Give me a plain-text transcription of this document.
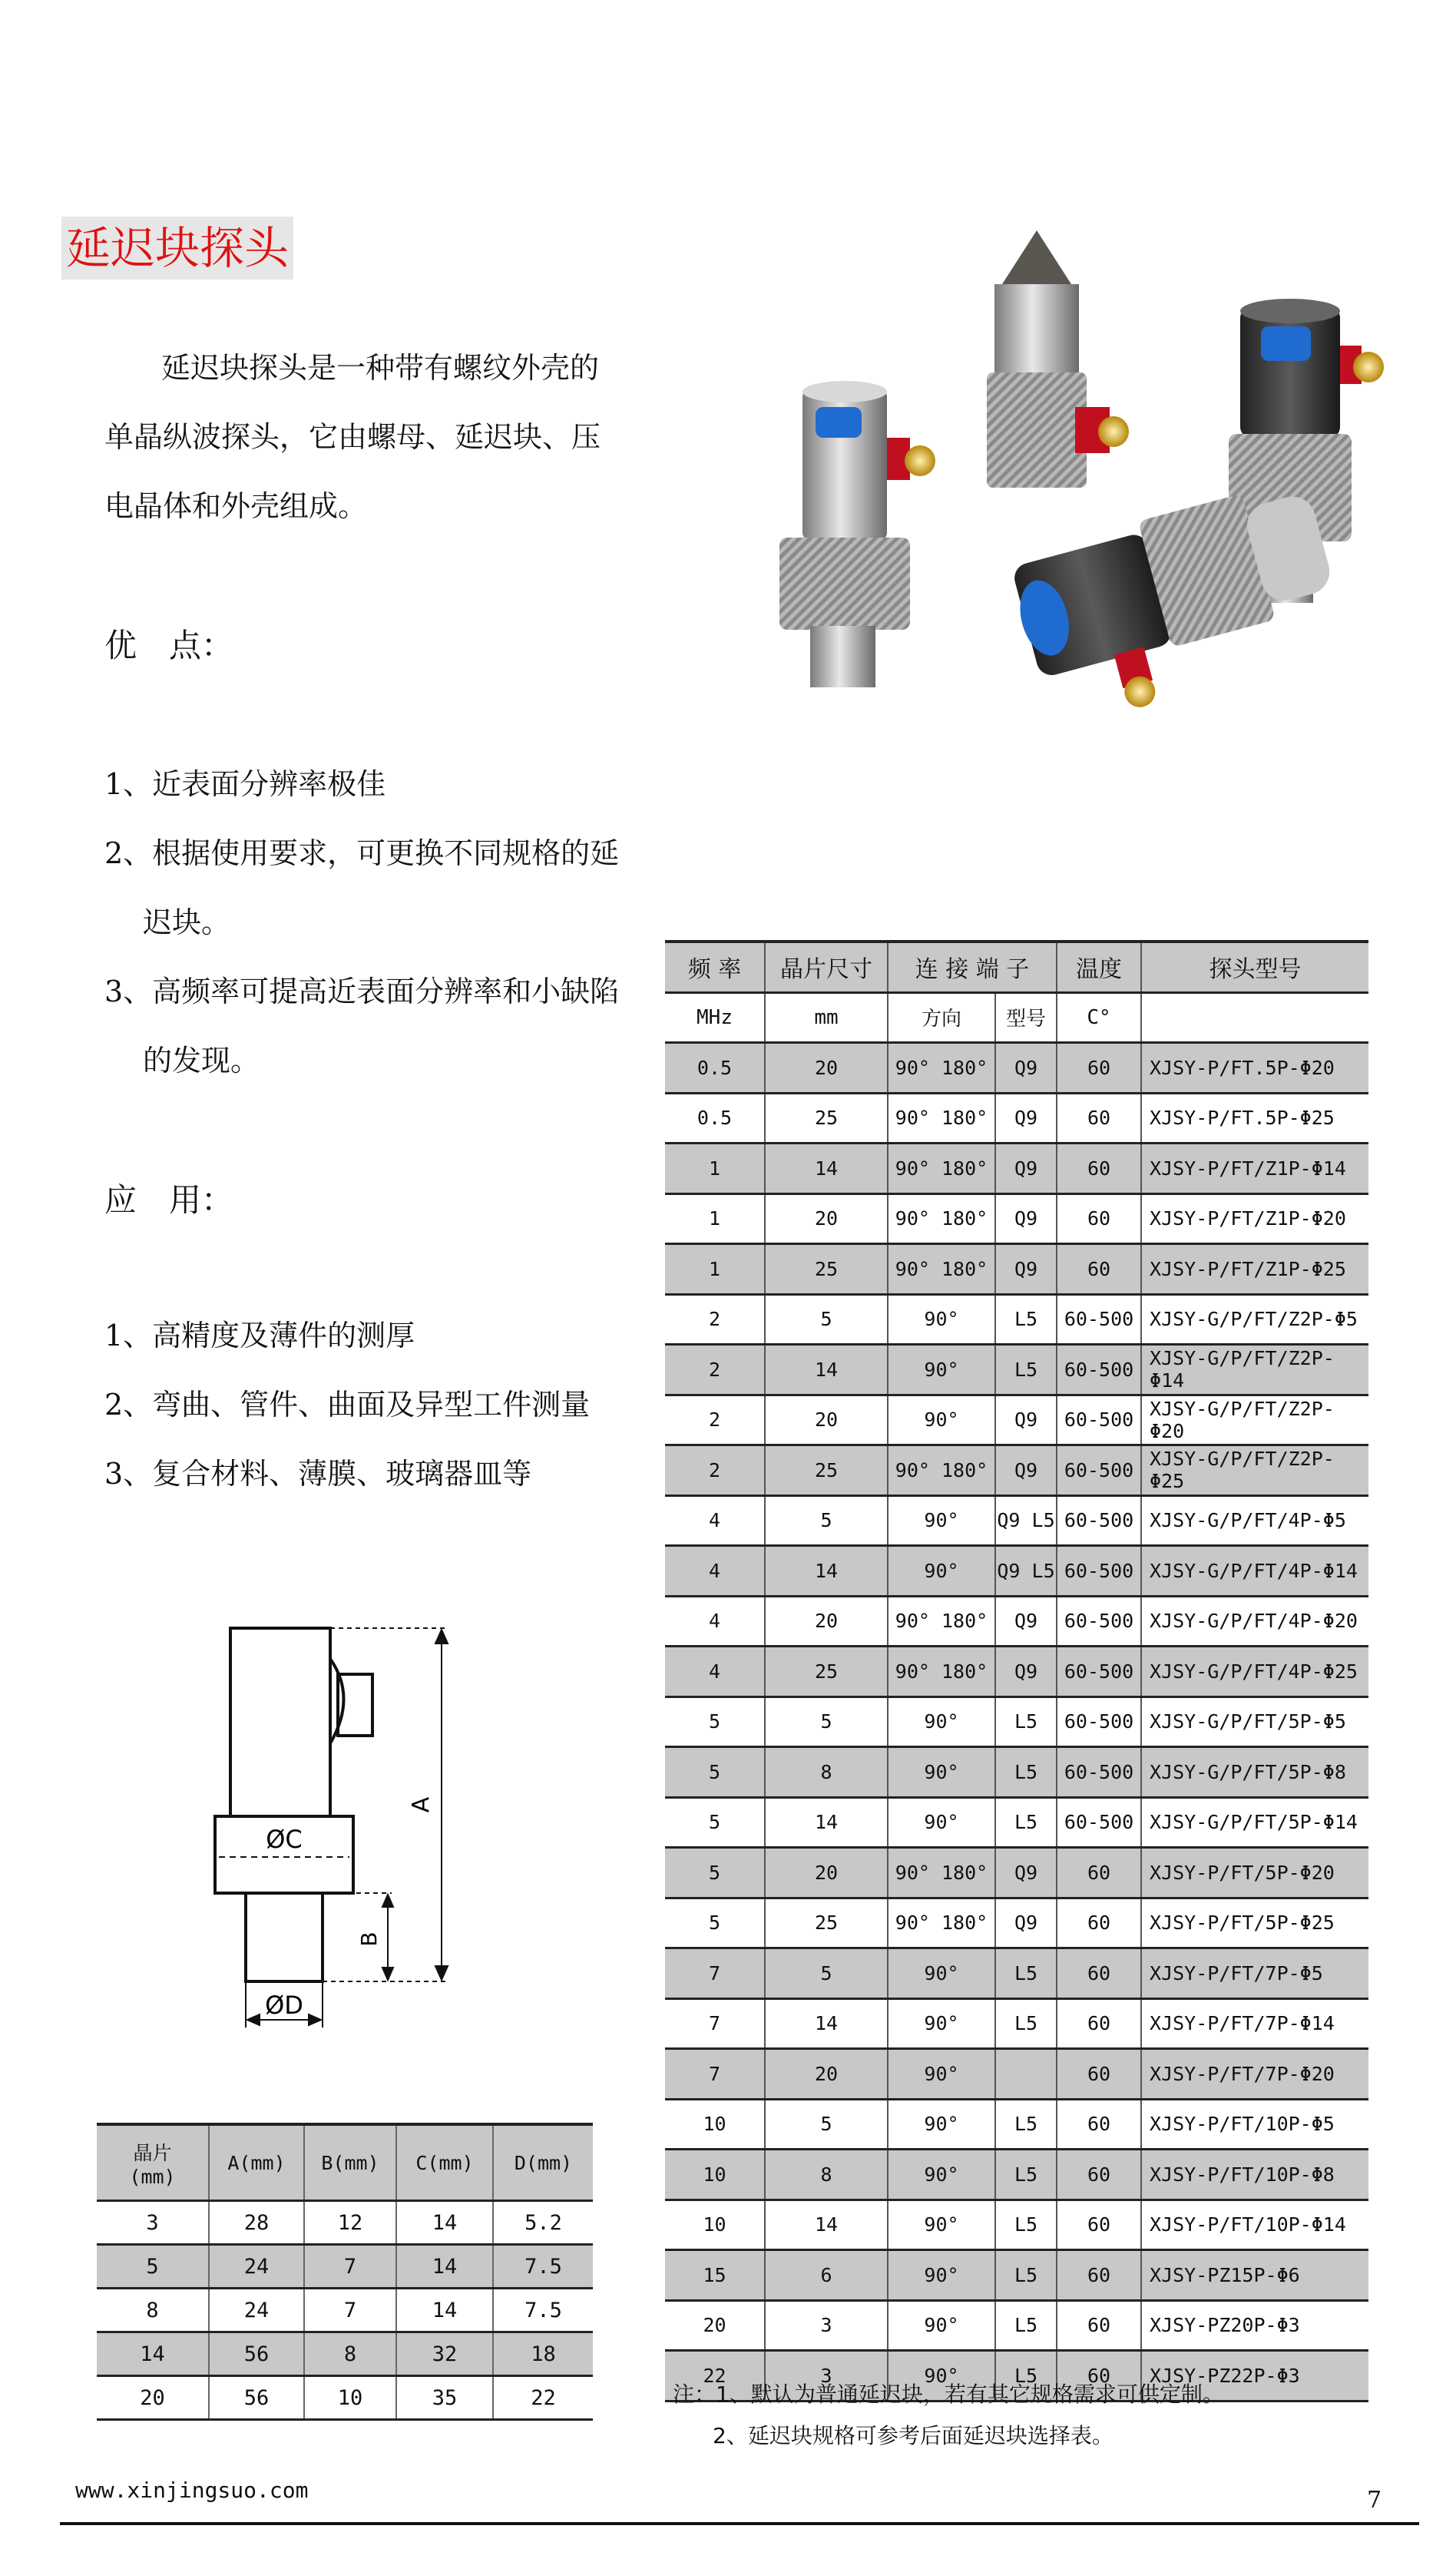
延迟块探头
延迟块探头是一种带有螺纹外壳的
单晶纵波探头，它由螺母、延迟块、压
电晶体和外壳组成。
优　点：
1、近表面分辨率极佳
2、根据使用要求，可更换不同规格的延
迟块。
3、高频率可提高近表面分辨率和小缺陷
的发现。
应　用：
1、高精度及薄件的测厚
2、弯曲、管件、曲面及异型工件测量
3、复合材料、薄膜、玻璃器皿等
A
B
ØC
ØD
晶片
(mm)	A(mm)	B(mm)	C(mm)	D(mm)
3	28	12	14	5.2
5	24	7	14	7.5
8	24	7	14	7.5
14	56	8	32	18
20	56	10	35	22
频 率	晶片尺寸	连 接 端 子		温度	探头型号
MHz	mm	方向	型号	C°	
0.5	20	90° 180°	Q9	60	XJSY-P/FT.5P-Φ20
0.5	25	90° 180°	Q9	60	XJSY-P/FT.5P-Φ25
1	14	90° 180°	Q9	60	XJSY-P/FT/Z1P-Φ14
1	20	90° 180°	Q9	60	XJSY-P/FT/Z1P-Φ20
1	25	90° 180°	Q9	60	XJSY-P/FT/Z1P-Φ25
2	5	90°	L5	60-500	XJSY-G/P/FT/Z2P-Φ5
2	14	90°	L5	60-500	XJSY-G/P/FT/Z2P-Φ14
2	20	90°	Q9	60-500	XJSY-G/P/FT/Z2P-Φ20
2	25	90° 180°	Q9	60-500	XJSY-G/P/FT/Z2P-Φ25
4	5	90°	Q9 L5	60-500	XJSY-G/P/FT/4P-Φ5
4	14	90°	Q9 L5	60-500	XJSY-G/P/FT/4P-Φ14
4	20	90° 180°	Q9	60-500	XJSY-G/P/FT/4P-Φ20
4	25	90° 180°	Q9	60-500	XJSY-G/P/FT/4P-Φ25
5	5	90°	L5	60-500	XJSY-G/P/FT/5P-Φ5
5	8	90°	L5	60-500	XJSY-G/P/FT/5P-Φ8
5	14	90°	L5	60-500	XJSY-G/P/FT/5P-Φ14
5	20	90° 180°	Q9	60	XJSY-P/FT/5P-Φ20
5	25	90° 180°	Q9	60	XJSY-P/FT/5P-Φ25
7	5	90°	L5	60	XJSY-P/FT/7P-Φ5
7	14	90°	L5	60	XJSY-P/FT/7P-Φ14
7	20	90°		60	XJSY-P/FT/7P-Φ20
10	5	90°	L5	60	XJSY-P/FT/10P-Φ5
10	8	90°	L5	60	XJSY-P/FT/10P-Φ8
10	14	90°	L5	60	XJSY-P/FT/10P-Φ14
15	6	90°	L5	60	XJSY-PZ15P-Φ6
20	3	90°	L5	60	XJSY-PZ20P-Φ3
22	3	90°	L5	60	XJSY-PZ22P-Φ3
注：1、默认为普通延迟块，若有其它规格需求可供定制。
2、延迟块规格可参考后面延迟块选择表。
www.xinjingsuo.com	7
